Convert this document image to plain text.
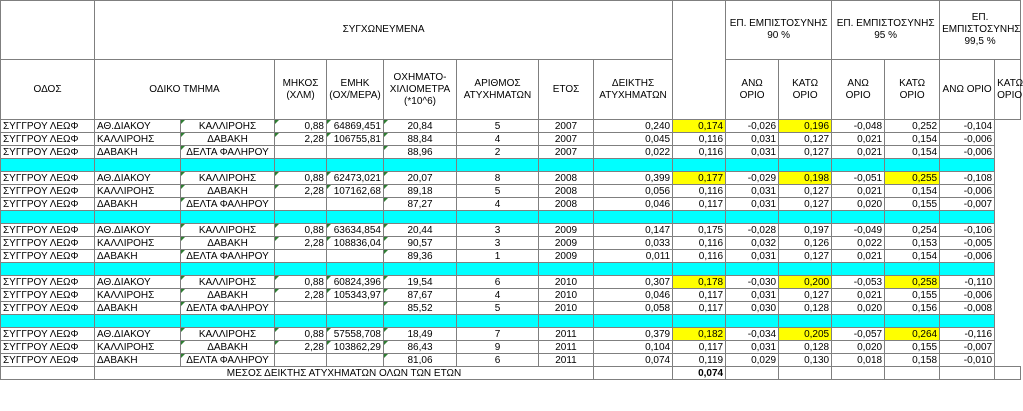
	ΣΥΓΧΩΝΕΥΜΕΝΑ									ΕΠ. ΕΜΠΙΣΤΟΣΥΝΗΣ 90 %		ΕΠ. ΕΜΠΙΣΤΟΣΥΝΗΣ 95 %		ΕΠ. ΕΜΠΙΣΤΟΣΥΝΗΣ 99,5 %	
ΟΔΟΣ	ΟΔΙΚΟ ΤΜΗΜΑ		ΜΗΚΟΣ (ΧΛΜ)	ΕΜΗΚ (ΟΧ/ΜΕΡΑ)	ΟΧΗΜΑΤΟ-ΧΙΛΙΟΜΕΤΡΑ (*10^6)	ΑΡΙΘΜΟΣ ΑΤΥΧΗΜΑΤΩΝ	ΕΤΟΣ	ΔΕΙΚΤΗΣ ΑΤΥΧΗΜΑΤΩΝ		ΑΝΩ ΟΡΙΟ	ΚΑΤΩ ΟΡΙΟ	ΑΝΩ ΟΡΙΟ	ΚΑΤΩ ΟΡΙΟ	ΑΝΩ ΟΡΙΟ	ΚΑΤΩ ΟΡΙΟ
ΣΥΓΓΡΟΥ ΛΕΩΦ	ΑΘ.ΔΙΑΚΟΥ	ΚΑΛΛΙΡΟΗΣ	0,88	64869,451	20,84	5	2007	0,240	0,174	-0,026	0,196	-0,048	0,252	-0,104	
ΣΥΓΓΡΟΥ ΛΕΩΦ	ΚΑΛΛΙΡΟΗΣ	ΔΑΒΑΚΗ	2,28	106755,81	88,84	4	2007	0,045	0,116	0,031	0,127	0,021	0,154	-0,006	
ΣΥΓΓΡΟΥ ΛΕΩΦ	ΔΑΒΑΚΗ	ΔΕΛΤΑ ΦΑΛΗΡΟΥ			88,96	2	2007	0,022	0,116	0,031	0,127	0,021	0,154	-0,006	

ΣΥΓΓΡΟΥ ΛΕΩΦ	ΑΘ.ΔΙΑΚΟΥ	ΚΑΛΛΙΡΟΗΣ	0,88	62473,021	20,07	8	2008	0,399	0,177	-0,029	0,198	-0,051	0,255	-0,108	
ΣΥΓΓΡΟΥ ΛΕΩΦ	ΚΑΛΛΙΡΟΗΣ	ΔΑΒΑΚΗ	2,28	107162,68	89,18	5	2008	0,056	0,116	0,031	0,127	0,021	0,154	-0,006	
ΣΥΓΓΡΟΥ ΛΕΩΦ	ΔΑΒΑΚΗ	ΔΕΛΤΑ ΦΑΛΗΡΟΥ			87,27	4	2008	0,046	0,117	0,031	0,127	0,020	0,155	-0,007	

ΣΥΓΓΡΟΥ ΛΕΩΦ	ΑΘ.ΔΙΑΚΟΥ	ΚΑΛΛΙΡΟΗΣ	0,88	63634,854	20,44	3	2009	0,147	0,175	-0,028	0,197	-0,049	0,254	-0,106	
ΣΥΓΓΡΟΥ ΛΕΩΦ	ΚΑΛΛΙΡΟΗΣ	ΔΑΒΑΚΗ	2,28	108836,04	90,57	3	2009	0,033	0,116	0,032	0,126	0,022	0,153	-0,005	
ΣΥΓΓΡΟΥ ΛΕΩΦ	ΔΑΒΑΚΗ	ΔΕΛΤΑ ΦΑΛΗΡΟΥ			89,36	1	2009	0,011	0,116	0,031	0,127	0,021	0,154	-0,006	

ΣΥΓΓΡΟΥ ΛΕΩΦ	ΑΘ.ΔΙΑΚΟΥ	ΚΑΛΛΙΡΟΗΣ	0,88	60824,396	19,54	6	2010	0,307	0,178	-0,030	0,200	-0,053	0,258	-0,110	
ΣΥΓΓΡΟΥ ΛΕΩΦ	ΚΑΛΛΙΡΟΗΣ	ΔΑΒΑΚΗ	2,28	105343,97	87,67	4	2010	0,046	0,117	0,031	0,127	0,021	0,155	-0,006	
ΣΥΓΓΡΟΥ ΛΕΩΦ	ΔΑΒΑΚΗ	ΔΕΛΤΑ ΦΑΛΗΡΟΥ			85,52	5	2010	0,058	0,117	0,030	0,128	0,020	0,156	-0,008	

ΣΥΓΓΡΟΥ ΛΕΩΦ	ΑΘ.ΔΙΑΚΟΥ	ΚΑΛΛΙΡΟΗΣ	0,88	57558,708	18,49	7	2011	0,379	0,182	-0,034	0,205	-0,057	0,264	-0,116	
ΣΥΓΓΡΟΥ ΛΕΩΦ	ΚΑΛΛΙΡΟΗΣ	ΔΑΒΑΚΗ	2,28	103862,29	86,43	9	2011	0,104	0,117	0,031	0,128	0,020	0,155	-0,007	
ΣΥΓΓΡΟΥ ΛΕΩΦ	ΔΑΒΑΚΗ	ΔΕΛΤΑ ΦΑΛΗΡΟΥ			81,06	6	2011	0,074	0,119	0,029	0,130	0,018	0,158	-0,010	
	ΜΕΣΟΣ ΔΕΙΚΤΗΣ ΑΤΥΧΗΜΑΤΩΝ ΟΛΩΝ ΤΩΝ ΕΤΩΝ								0,074						
